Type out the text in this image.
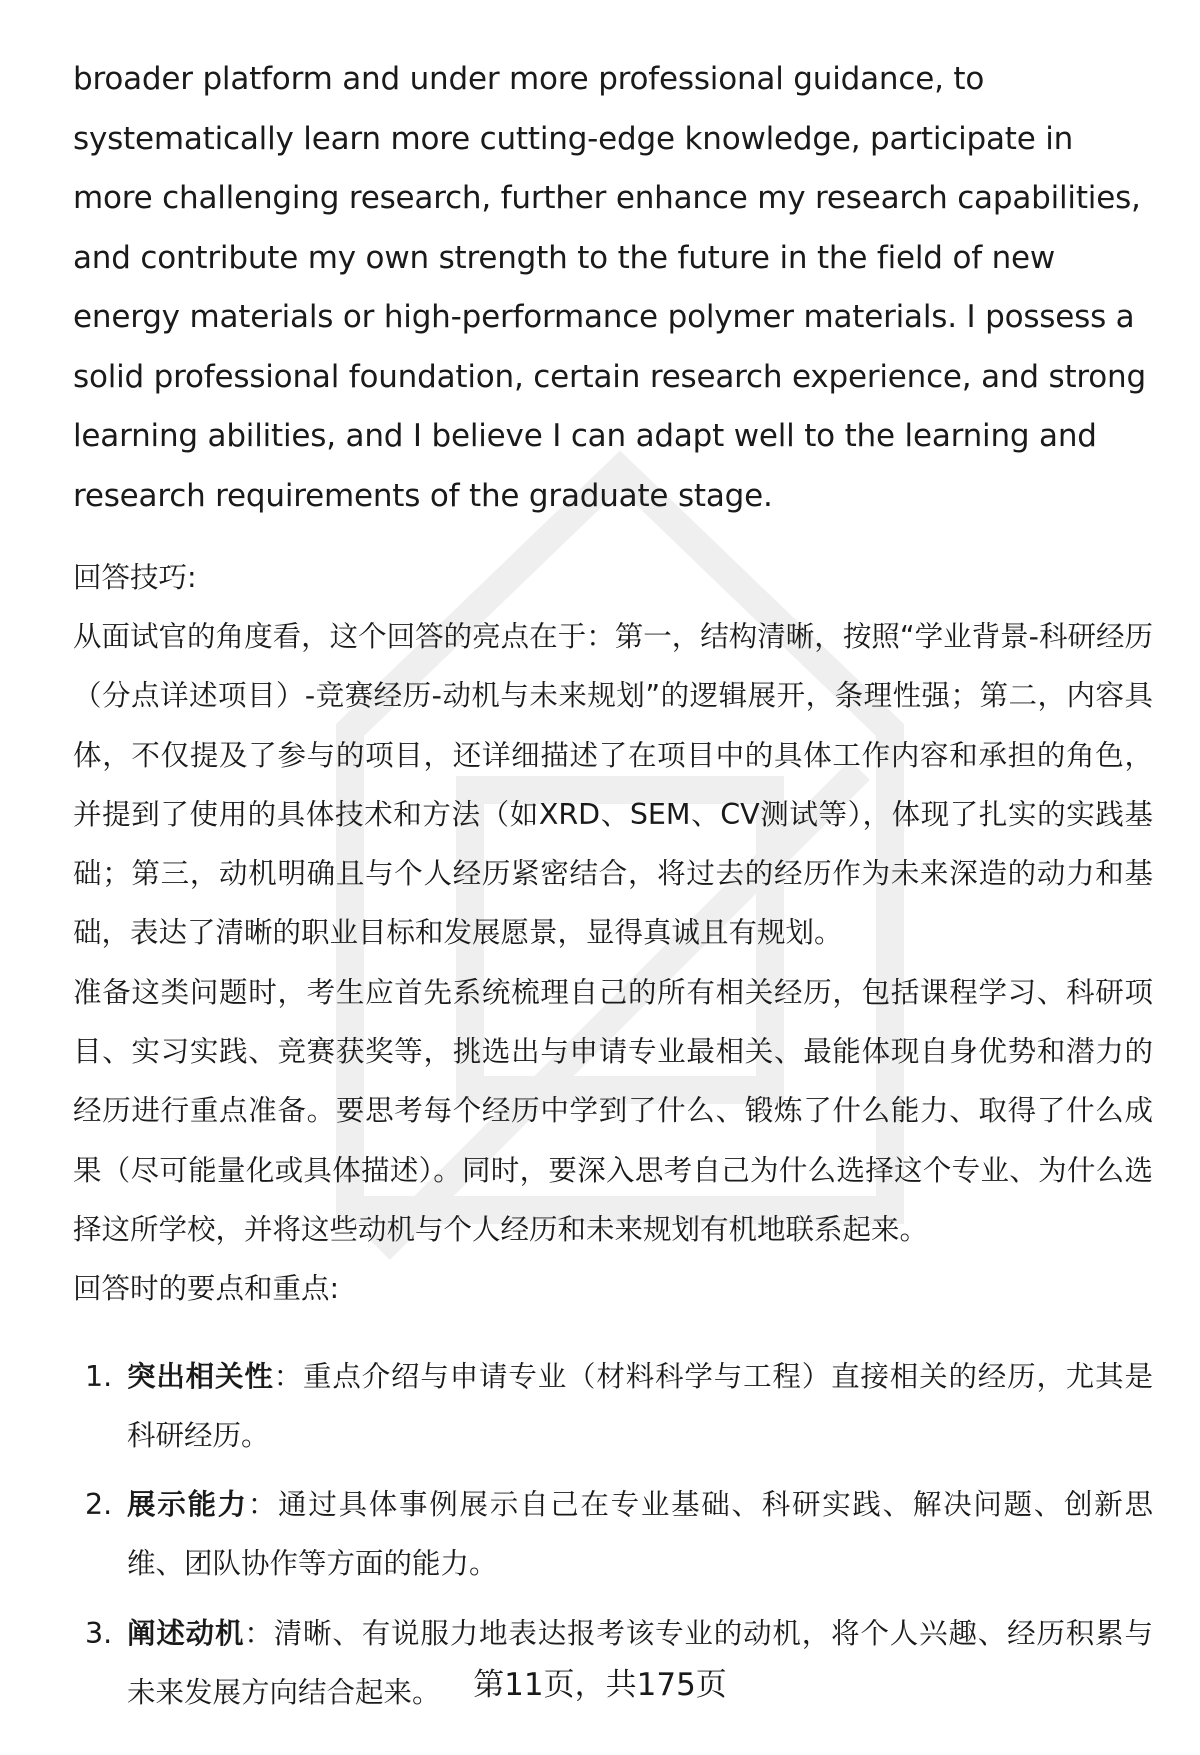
broader platform and under more professional guidance, to systematically learn more cutting-edge knowledge, participate in more challenging research, further enhance my research capabilities, and contribute my own strength to the future in the field of new energy materials or high-performance polymer materials. I possess a solid professional foundation, certain research experience, and strong learning abilities, and I believe I can adapt well to the learning and research requirements of the graduate stage.

回答技巧:

从面试官的角度看，这个回答的亮点在于：第一，结构清晰，按照“学业背景-科研经历（分点详述项目）-竞赛经历-动机与未来规划”的逻辑展开，条理性强；第二，内容具体，不仅提及了参与的项目，还详细描述了在项目中的具体工作内容和承担的角色，并提到了使用的具体技术和方法（如XRD、SEM、CV测试等），体现了扎实的实践基础；第三，动机明确且与个人经历紧密结合，将过去的经历作为未来深造的动力和基础，表达了清晰的职业目标和发展愿景，显得真诚且有规划。

准备这类问题时，考生应首先系统梳理自己的所有相关经历，包括课程学习、科研项目、实习实践、竞赛获奖等，挑选出与申请专业最相关、最能体现自身优势和潜力的经历进行重点准备。要思考每个经历中学到了什么、锻炼了什么能力、取得了什么成果（尽可能量化或具体描述）。同时，要深入思考自己为什么选择这个专业、为什么选择这所学校，并将这些动机与个人经历和未来规划有机地联系起来。

回答时的要点和重点:

1. 突出相关性：重点介绍与申请专业（材料科学与工程）直接相关的经历，尤其是科研经历。
2. 展示能力：通过具体事例展示自己在专业基础、科研实践、解决问题、创新思维、团队协作等方面的能力。
3. 阐述动机：清晰、有说服力地表达报考该专业的动机，将个人兴趣、经历积累与未来发展方向结合起来。	第11页，共175页
